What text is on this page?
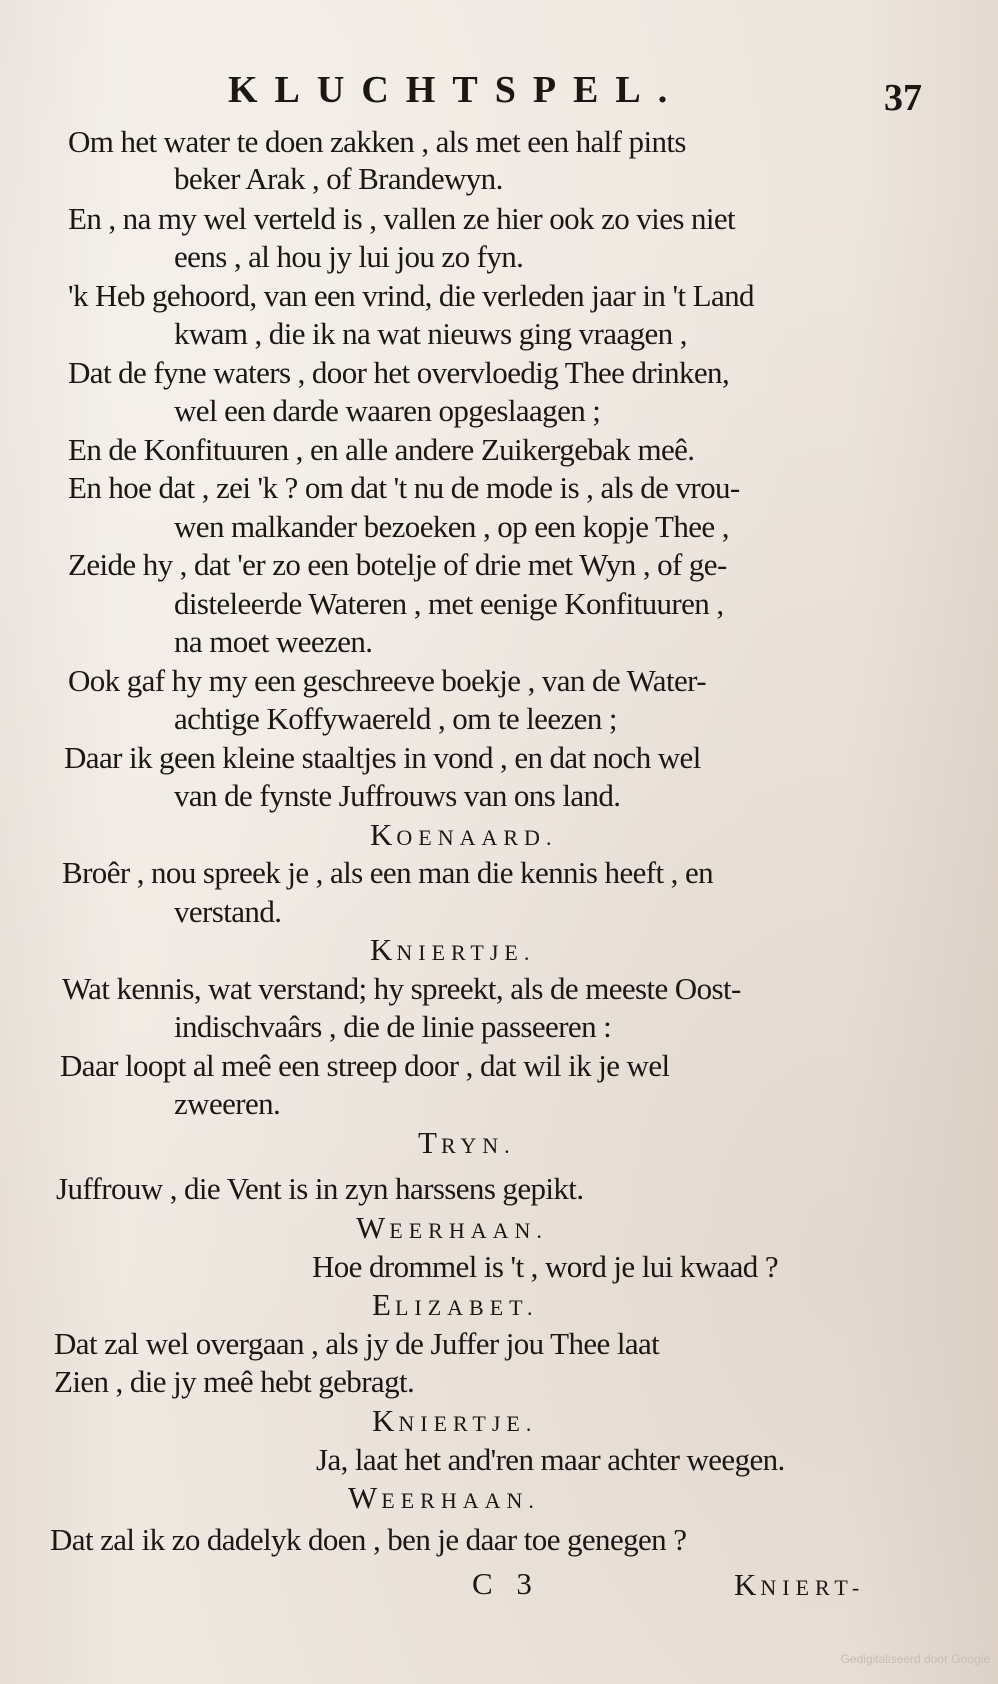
KLUCHTSPEL.	37
Om het water te doen zakken , als met een half pints
beker Arak , of Brandewyn.
En , na my wel verteld is , vallen ze hier ook zo vies niet
eens , al hou jy lui jou zo fyn.
'k Heb gehoord, van een vrind, die verleden jaar in 't Land
kwam , die ik na wat nieuws ging vraagen ,
Dat de fyne waters , door het overvloedig Thee drinken,
wel een darde waaren opgeslaagen ;
En de Konfituuren , en alle andere Zuikergebak meê.
En hoe dat , zei 'k ? om dat 't nu de mode is , als de vrou-
wen malkander bezoeken , op een kopje Thee ,
Zeide hy , dat 'er zo een botelje of drie met Wyn , of ge-
disteleerde Wateren , met eenige Konfituuren ,
na moet weezen.
Ook gaf hy my een geschreeve boekje , van de Water-
achtige Koffywaereld , om te leezen ;
Daar ik geen kleine staaltjes in vond , en dat noch wel
van de fynste Juffrouws van ons land.
KOENAARD.
Broêr , nou spreek je , als een man die kennis heeft , en
verstand.
KNIERTJE.
Wat kennis, wat verstand; hy spreekt, als de meeste Oost-
indischvaârs , die de linie passeeren :
Daar loopt al meê een streep door , dat wil ik je wel
zweeren.
TRYN.
Juffrouw , die Vent is in zyn harssens gepikt.
WEERHAAN.
Hoe drommel is 't , word je lui kwaad ?
ELIZABET.
Dat zal wel overgaan , als jy de Juffer jou Thee laat
Zien , die jy meê hebt gebragt.
KNIERTJE.
Ja, laat het and'ren maar achter weegen.
WEERHAAN.
Dat zal ik zo dadelyk doen , ben je daar toe genegen ?
C 3	KNIERT-
Gedigitaliseerd door Google
